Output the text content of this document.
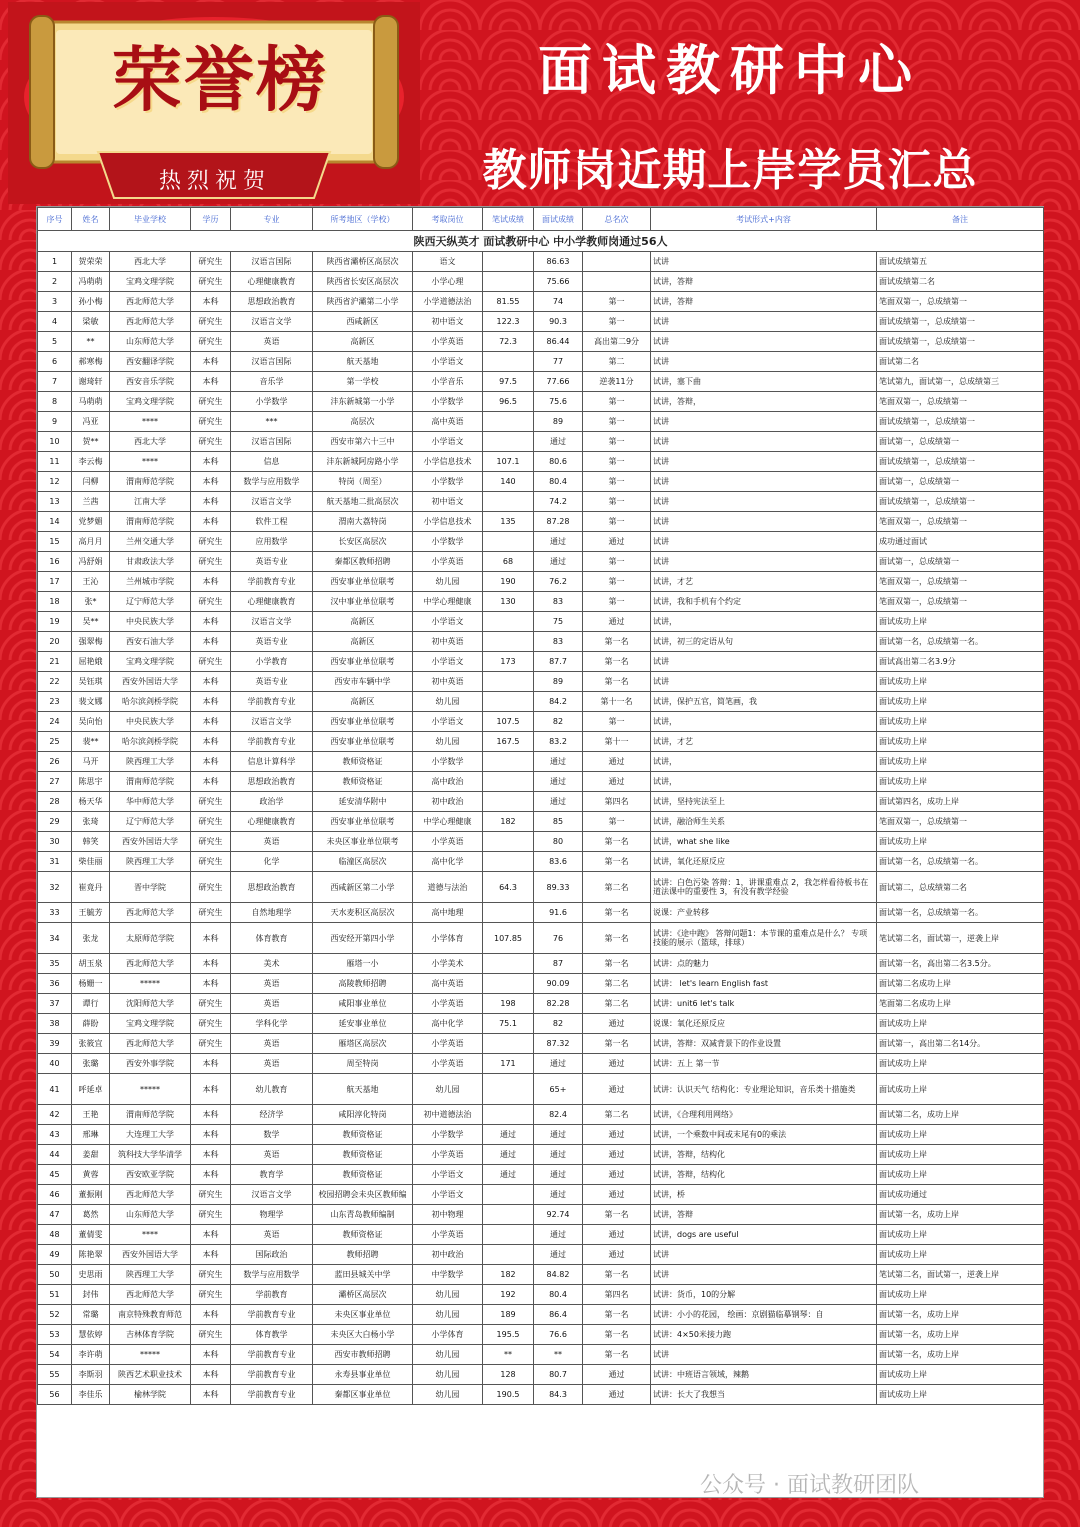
荣誉榜
热烈祝贺
面试教研中心
教师岗近期上岸学员汇总
陕西天纵英才 面试教研中心 中小学教师岗通过56人											
序号	姓名	毕业学校	学历	专业	所考地区（学校）	考取岗位	笔试成绩	面试成绩	总名次	考试形式+内容	备注
1	贺荣荣	西北大学	研究生	汉语言国际	陕西省灞桥区高层次	语文		86.63		试讲	面试成绩第五
2	冯萌萌	宝鸡文理学院	研究生	心理健康教育	陕西省长安区高层次	小学心理		75.66		试讲，答辩	面试成绩第二名
3	孙小梅	西北师范大学	本科	思想政治教育	陕西省沪灞第二小学	小学道德法治	81.55	74	第一	试讲，答辩	笔面双第一，总成绩第一
4	梁敏	西北师范大学	研究生	汉语言文学	西咸新区	初中语文	122.3	90.3	第一	试讲	面试成绩第一，总成绩第一
5	**	山东师范大学	研究生	英语	高新区	小学英语	72.3	86.44	高出第二9分	试讲	面试成绩第一，总成绩第一
6	郝寒梅	西安翻译学院	本科	汉语言国际	航天基地	小学语文		77	第二	试讲	面试第二名
7	谢琦轩	西安音乐学院	本科	音乐学	第一学校	小学音乐	97.5	77.66	逆袭11分	试讲，塞下曲	笔试第九，面试第一，总成绩第三
8	马萌萌	宝鸡文理学院	研究生	小学数学	沣东新城第一小学	小学数学	96.5	75.6	第一	试讲，答辩，	笔面双第一，总成绩第一
9	冯亚	****	研究生	***	高层次	高中英语		89	第一	试讲	面试成绩第一，总成绩第一
10	贺**	西北大学	研究生	汉语言国际	西安市第六十三中	小学语文		通过	第一	试讲	面试第一，总成绩第一
11	李云梅	****	本科	信息	沣东新城阿房路小学	小学信息技术	107.1	80.6	第一	试讲	面试成绩第一，总成绩第一
12	闫柳	渭南师范学院	本科	数学与应用数学	特岗（周至）	小学数学	140	80.4	第一	试讲	面试第一，总成绩第一
13	兰茜	江南大学	本科	汉语言文学	航天基地二批高层次	初中语文		74.2	第一	试讲	面试成绩第一，总成绩第一
14	党梦媚	渭南师范学院	本科	软件工程	渭南大荔特岗	小学信息技术	135	87.28	第一	试讲	笔面双第一，总成绩第一
15	高月月	兰州交通大学	研究生	应用数学	长安区高层次	小学数学		通过	通过	试讲	成功通过面试
16	冯舒娟	甘肃政法大学	研究生	英语专业	秦都区教师招聘	小学英语	68	通过	第一	试讲	面试第一，总成绩第一
17	王沁	兰州城市学院	本科	学前教育专业	西安事业单位联考	幼儿园	190	76.2	第一	试讲，才艺	笔面双第一，总成绩第一
18	张*	辽宁师范大学	研究生	心理健康教育	汉中事业单位联考	中学心理健康	130	83	第一	试讲，我和手机有个约定	笔面双第一，总成绩第一
19	吴**	中央民族大学	本科	汉语言文学	高新区	小学语文		75	通过	试讲，	面试成功上岸
20	强翠梅	西安石油大学	本科	英语专业	高新区	初中英语		83	第一名	试讲，初三的定语从句	面试第一名，总成绩第一名。
21	屈艳娥	宝鸡文理学院	研究生	小学教育	西安事业单位联考	小学语文	173	87.7	第一名	试讲	面试高出第二名3.9分
22	吴钰琪	西安外国语大学	本科	英语专业	西安市车辆中学	初中英语		89	第一名	试讲	面试成功上岸
23	裴文娜	哈尔滨剑桥学院	本科	学前教育专业	高新区	幼儿园		84.2	第十一名	试讲，保护五官，简笔画，我	面试成功上岸
24	吴向怡	中央民族大学	本科	汉语言文学	西安事业单位联考	小学语文	107.5	82	第一	试讲，	面试成功上岸
25	裴**	哈尔滨剑桥学院	本科	学前教育专业	西安事业单位联考	幼儿园	167.5	83.2	第十一	试讲，才艺	面试成功上岸
26	马开	陕西理工大学	本科	信息计算科学	教师资格证	小学数学		通过	通过	试讲，	面试成功上岸
27	陈思宇	渭南师范学院	本科	思想政治教育	教师资格证	高中政治		通过	通过	试讲，	面试成功上岸
28	杨天华	华中师范大学	研究生	政治学	延安清华附中	初中政治		通过	第四名	试讲，坚持宪法至上	面试第四名，成功上岸
29	张琦	辽宁师范大学	研究生	心理健康教育	西安事业单位联考	中学心理健康	182	85	第一	试讲，融洽师生关系	笔面双第一，总成绩第一
30	韩笑	西安外国语大学	研究生	英语	未央区事业单位联考	小学英语		80	第一名	试讲，what she like	面试成功上岸
31	柴佳丽	陕西理工大学	研究生	化学	临潼区高层次	高中化学		83.6	第一名	试讲，氧化还原反应	面试第一名，总成绩第一名。
32	崔竟丹	晋中学院	研究生	思想政治教育	西咸新区第二小学	道德与法治	64.3	89.33	第二名	试讲：白色污染 答辩：1，讲课重难点 2，我怎样看待板书在道法课中的重要性 3，有没有教学经验	面试第二，总成绩第二名
33	王毓芳	西北师范大学	研究生	自然地理学	天水麦积区高层次	高中地理		91.6	第一名	说课：产业转移	面试第一名，总成绩第一名。
34	张龙	太原师范学院	本科	体育教育	西安经开第四小学	小学体育	107.85	76	第一名	试讲：《途中跑》 答辩问题1：本节课的重难点是什么？ 专项技能的展示（篮球，排球）	笔试第二名，面试第一，逆袭上岸
35	胡玉泉	西北师范大学	本科	美术	雁塔一小	小学美术		87	第一名	试讲：点的魅力	面试第一名，高出第二名3.5分。
36	杨姗一	*****	本科	英语	高陵教师招聘	高中英语		90.09	第二名	试讲： let's learn English fast	面试第二名成功上岸
37	谭行	沈阳师范大学	研究生	英语	咸阳事业单位	小学英语	198	82.28	第二名	试讲：unit6 let's talk	笔面第二名成功上岸
38	薛盼	宝鸡文理学院	研究生	学科化学	延安事业单位	高中化学	75.1	82	通过	说课：氧化还原反应	面试成功上岸
39	张筱宜	西北师范大学	研究生	英语	雁塔区高层次	小学英语		87.32	第一名	试讲，答辩：双减背景下的作业设置	面试第一，高出第二名14分。
40	张璐	西安外事学院	本科	英语	周至特岗	小学英语	171	通过	通过	试讲：五上 第一节	面试成功上岸
41	呼延卓	*****	本科	幼儿教育	航天基地	幼儿园		65+	通过	试讲：认识天气 结构化：专业理论知识，音乐类十措施类	面试成功上岸
42	王艳	渭南师范学院	本科	经济学	咸阳淳化特岗	初中道德法治		82.4	第二名	试讲，《合理利用网络》	面试第二名，成功上岸
43	邢琳	大连理工大学	本科	数学	教师资格证	小学数学	通过	通过	通过	试讲，一个乘数中间或末尾有0的乘法	面试成功上岸
44	姜甜	筑科技大学华清学	本科	英语	教师资格证	小学英语	通过	通过	通过	试讲，答辩，结构化	面试成功上岸
45	黄蓉	西安欧亚学院	本科	教育学	教师资格证	小学语文	通过	通过	通过	试讲，答辩，结构化	面试成功上岸
46	董振刚	西北师范大学	研究生	汉语言文学	校园招聘会未央区教师编	小学语文		通过	通过	试讲，桥	面试成功通过
47	葛然	山东师范大学	研究生	物理学	山东青岛教师编制	初中物理		92.74	第一名	试讲，答辩	面试第一名，成功上岸
48	董倩雯	****	本科	英语	教师资格证	小学英语		通过	通过	试讲，dogs are useful	面试成功上岸
49	陈艳翠	西安外国语大学	本科	国际政治	教师招聘	初中政治		通过	通过	试讲	面试成功上岸
50	史思雨	陕西理工大学	研究生	数学与应用数学	蓝田县城关中学	中学数学	182	84.82	第一名	试讲	笔试第二名，面试第一，逆袭上岸
51	封伟	西北师范大学	研究生	学前教育	灞桥区高层次	幼儿园	192	80.4	第四名	试讲：货币，10的分解	面试成功上岸
52	常璐	南京特殊教育师范	本科	学前教育专业	未央区事业单位	幼儿园	189	86.4	第一名	试讲：小小的花园， 绘画：京剧猫临摹钢琴：自	面试第一名，成功上岸
53	慧依婷	吉林体育学院	研究生	体育教学	未央区大白杨小学	小学体育	195.5	76.6	第一名	试讲：4×50米接力跑	面试第一名，成功上岸
54	李许萌	*****	本科	学前教育专业	西安市教师招聘	幼儿园	**	**	第一名	试讲	面试第一名，成功上岸
55	李斯羽	陕西艺术职业技术	本科	学前教育专业	永寿县事业单位	幼儿园	128	80.7	通过	试讲：中班语言领域，辣鹅	面试成功上岸
56	李佳乐	榆林学院	本科	学前教育专业	秦都区事业单位	幼儿园	190.5	84.3	通过	试讲：长大了我想当	面试成功上岸
公众号 · 面试教研团队
